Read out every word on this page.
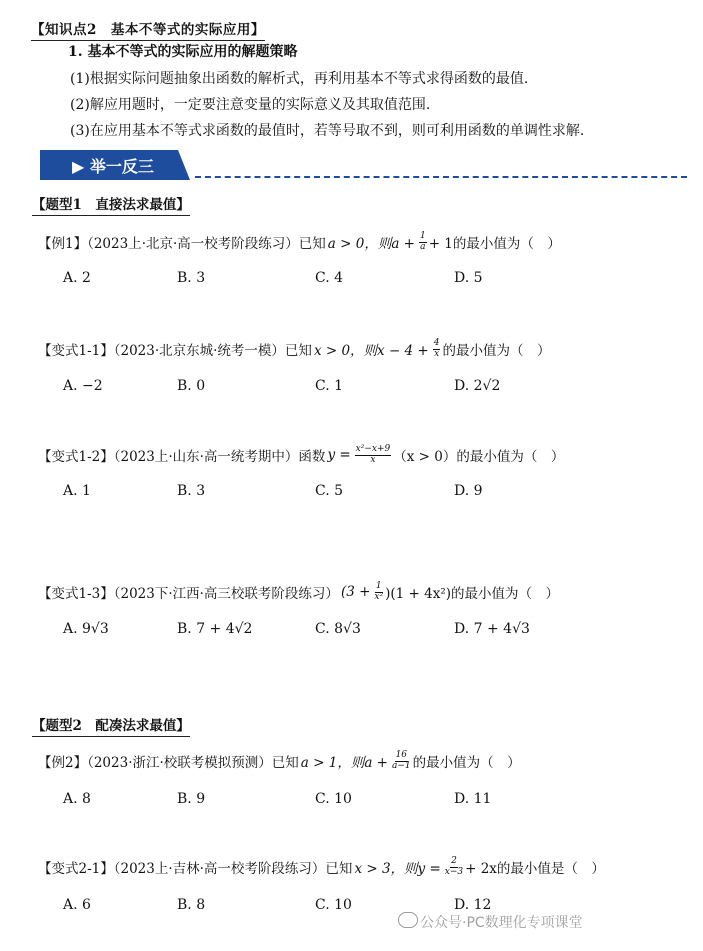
【知识点2　基本不等式的实际应用】
1. 基本不等式的实际应用的解题策略
(1)根据实际问题抽象出函数的解析式，再利用基本不等式求得函数的最值.
(2)解应用题时，一定要注意变量的实际意义及其取值范围.
(3)在应用基本不等式求函数的最值时，若等号取不到，则可利用函数的单调性求解.
▶ 举一反三
【题型1　直接法求最值】
【例1】（2023上·北京·高一校考阶段练习）已知 a > 0，则$a + \frac{1}{a} + 1$的最小值为（　）
A. 2	B. 3	C. 4	D. 5
【变式1-1】（2023·北京东城·统考一模）已知 x > 0，则$x - 4 + \frac{4}{x}$ 的最小值为（　）
A. −2	B. 0	C. 1	D. 2√2
【变式1-2】（2023上·山东·高一统考期中）函数 $y = \frac{\text{x²−x+9}}{x} (x > 0)$的最小值为（　）
A. 1	B. 3	C. 5	D. 9
【变式1-3】（2023下·江西·高三校联考阶段练习） $(3 + \frac{1}{\text{x²}} )(1 + 4x^2)$的最小值为（　）
A. 9√3	B. 7 + 4√2	C. 8√3	D. 7 + 4√3
【题型2　配凑法求最值】
【例2】（2023·浙江·校联考模拟预测）已知 a > 1，则$a + \frac{16}{a-1}$ 的最小值为（　）
A. 8	B. 9	C. 10	D. 11
【变式2-1】（2023上·吉林·高一校考阶段练习）已知 x > 3，则$y = \frac{2}{x-3} + 2x$的最小值是（　）
A. 6	B. 8	C. 10	D. 12
公众号·PC数理化专项课堂
